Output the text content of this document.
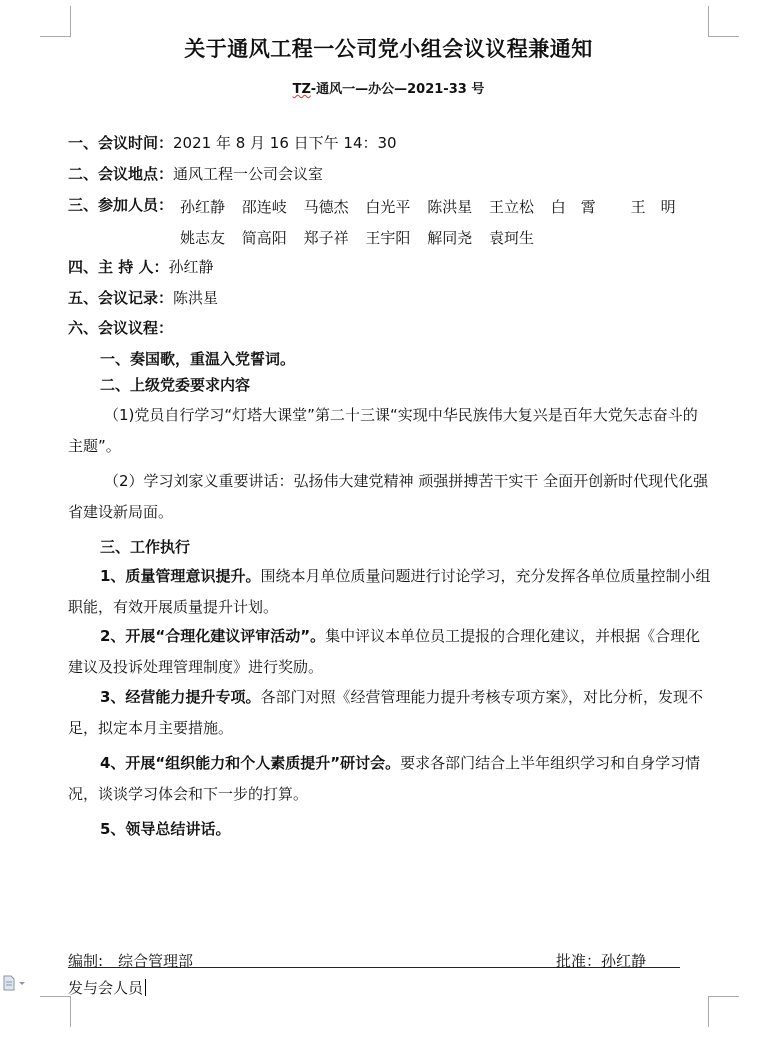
关于通风工程一公司党小组会议议程兼通知
TZ-通风一—办公—2021-33 号
一、会议时间：2021 年 8 月 16 日下午 14：30
二、会议地点：通风工程一公司会议室
三、参加人员： 孙红静 邵连岐 马德杰 白光平 陈洪星 王立松 白　霄 王　明
姚志友 简高阳 郑子祥 王宇阳 解同尧 袁珂生
四、主 持 人：孙红静
五、会议记录：陈洪星
六、会议议程：
一、奏国歌，重温入党誓词。
二、上级党委要求内容
（1)党员自行学习“灯塔大课堂”第二十三课“实现中华民族伟大复兴是百年大党矢志奋斗的主题”。
（2）学习刘家义重要讲话：弘扬伟大建党精神 顽强拼搏苦干实干 全面开创新时代现代化强省建设新局面。
三、工作执行
1、质量管理意识提升。围绕本月单位质量问题进行讨论学习，充分发挥各单位质量控制小组职能，有效开展质量提升计划。
2、开展“合理化建议评审活动”。集中评议本单位员工提报的合理化建议，并根据《合理化建议及投诉处理管理制度》进行奖励。
3、经营能力提升专项。各部门对照《经营管理能力提升考核专项方案》，对比分析，发现不足，拟定本月主要措施。
4、开展“组织能力和个人素质提升”研讨会。要求各部门结合上半年组织学习和自身学习情况，谈谈学习体会和下一步的打算。
5、领导总结讲话。
编制:　综合管理部	批准：孙红静
发与会人员
